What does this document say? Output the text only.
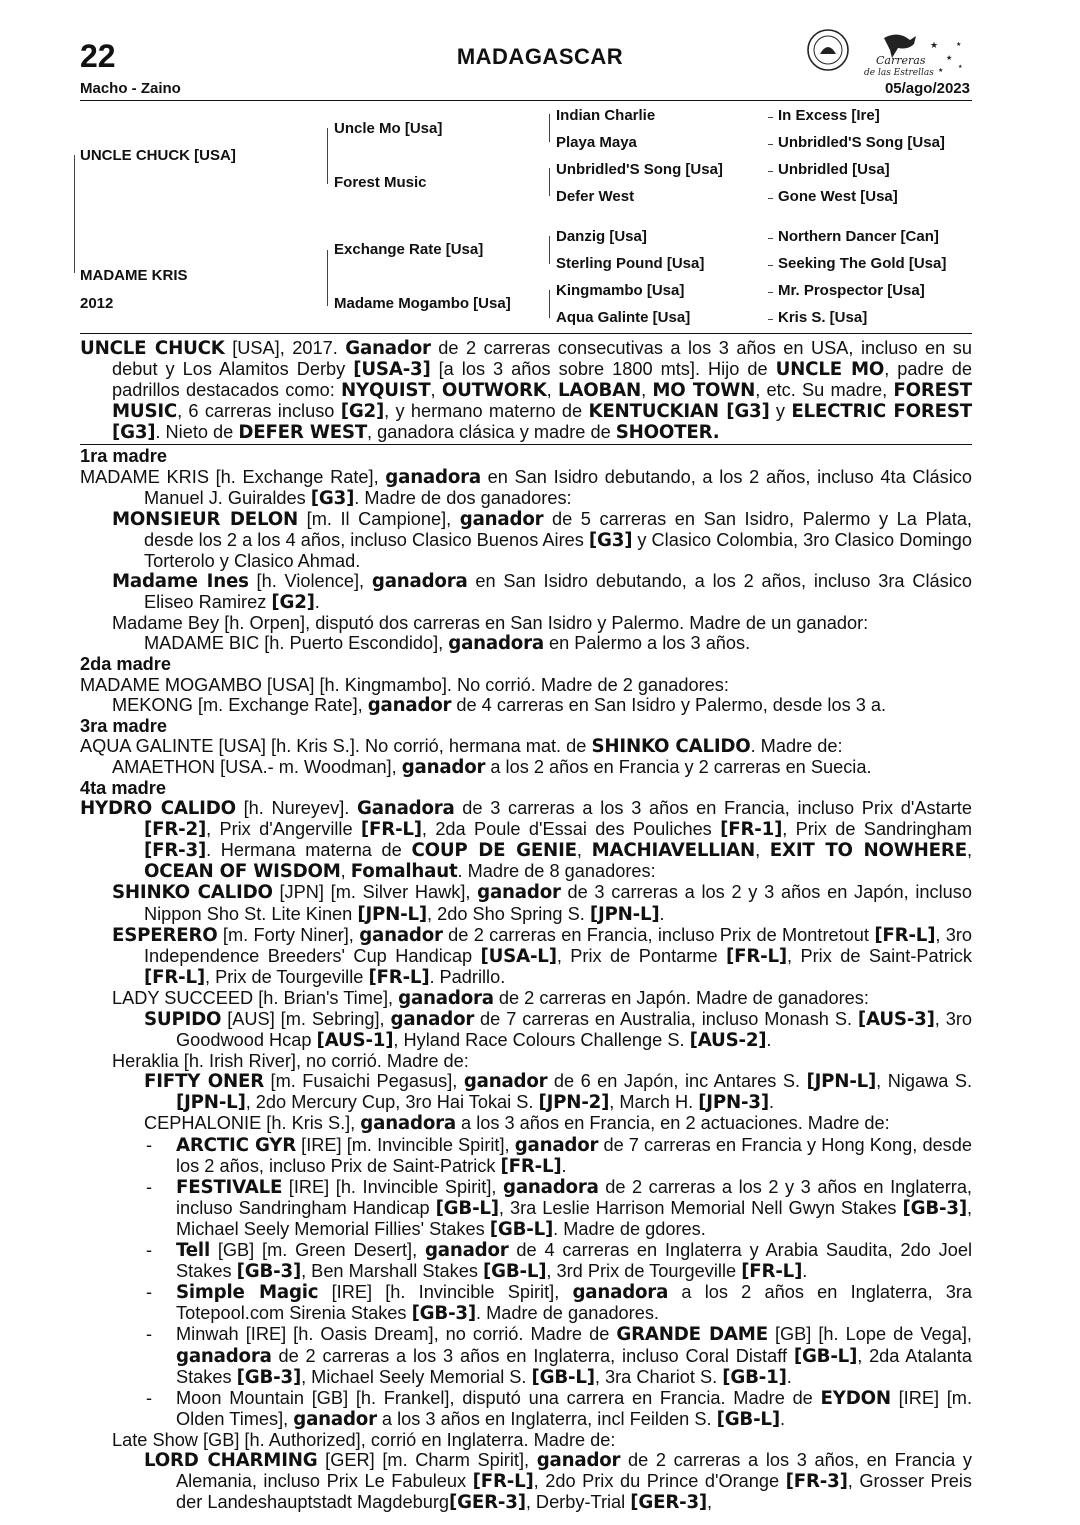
22	MADAGASCAR
Macho - Zaino	05/ago/2023
Carreras
de las Estrellas
★
★
★
★
★
UNCLE CHUCK [USA]
MADAME KRIS
2012
Uncle Mo [Usa]
Forest Music
Exchange Rate [Usa]
Madame Mogambo [Usa]
Indian Charlie
Playa Maya
Unbridled'S Song [Usa]
Defer West
Danzig [Usa]
Sterling Pound [Usa]
Kingmambo [Usa]
Aqua Galinte [Usa]
In Excess [Ire]
Unbridled'S Song [Usa]
Unbridled [Usa]
Gone West [Usa]
Northern Dancer [Can]
Seeking The Gold [Usa]
Mr. Prospector [Usa]
Kris S. [Usa]
UNCLE CHUCK [USA], 2017. Ganador de 2 carreras consecutivas a los 3 años en USA, incluso en su debut y Los Alamitos Derby [USA-3] [a los 3 años sobre 1800 mts]. Hijo de UNCLE MO, padre de padrillos destacados como: NYQUIST, OUTWORK, LAOBAN, MO TOWN, etc. Su madre, FOREST MUSIC, 6 carreras incluso [G2], y hermano materno de KENTUCKIAN [G3] y ELECTRIC FOREST [G3]. Nieto de DEFER WEST, ganadora clásica y madre de SHOOTER.
1ra madre
MADAME KRIS [h. Exchange Rate], ganadora en San Isidro debutando, a los 2 años, incluso 4ta Clásico Manuel J. Guiraldes [G3]. Madre de dos ganadores:
MONSIEUR DELON [m. Il Campione], ganador de 5 carreras en San Isidro, Palermo y La Plata, desde los 2 a los 4 años, incluso Clasico Buenos Aires [G3] y Clasico Colombia, 3ro Clasico Domingo Torterolo y Clasico Ahmad.
Madame Ines [h. Violence], ganadora en San Isidro debutando, a los 2 años, incluso 3ra Clásico Eliseo Ramirez [G2].
Madame Bey [h. Orpen], disputó dos carreras en San Isidro y Palermo. Madre de un ganador:
MADAME BIC [h. Puerto Escondido], ganadora en Palermo a los 3 años.
2da madre
MADAME MOGAMBO [USA] [h. Kingmambo]. No corrió. Madre de 2 ganadores:
MEKONG [m. Exchange Rate], ganador de 4 carreras en San Isidro y Palermo, desde los 3 a.
3ra madre
AQUA GALINTE [USA] [h. Kris S.]. No corrió, hermana mat. de SHINKO CALIDO. Madre de:
AMAETHON [USA.- m. Woodman], ganador a los 2 años en Francia y 2 carreras en Suecia.
4ta madre
HYDRO CALIDO [h. Nureyev]. Ganadora de 3 carreras a los 3 años en Francia, incluso Prix d'Astarte [FR-2], Prix d'Angerville [FR-L], 2da Poule d'Essai des Pouliches [FR-1], Prix de Sandringham [FR-3]. Hermana materna de COUP DE GENIE, MACHIAVELLIAN, EXIT TO NOWHERE, OCEAN OF WISDOM, Fomalhaut. Madre de 8 ganadores:
SHINKO CALIDO [JPN] [m. Silver Hawk], ganador de 3 carreras a los 2 y 3 años en Japón, incluso Nippon Sho St. Lite Kinen [JPN-L], 2do Sho Spring S. [JPN-L].
ESPERERO [m. Forty Niner], ganador de 2 carreras en Francia, incluso Prix de Montretout [FR-L], 3ro Independence Breeders' Cup Handicap [USA-L], Prix de Pontarme [FR-L], Prix de Saint-Patrick [FR-L], Prix de Tourgeville [FR-L]. Padrillo.
LADY SUCCEED [h. Brian's Time], ganadora de 2 carreras en Japón. Madre de ganadores:
SUPIDO [AUS] [m. Sebring], ganador de 7 carreras en Australia, incluso Monash S. [AUS-3], 3ro Goodwood Hcap [AUS-1], Hyland Race Colours Challenge S. [AUS-2].
Heraklia [h. Irish River], no corrió. Madre de:
FIFTY ONER [m. Fusaichi Pegasus], ganador de 6 en Japón, inc Antares S. [JPN-L], Nigawa S. [JPN-L], 2do Mercury Cup, 3ro Hai Tokai S. [JPN-2], March H. [JPN-3].
CEPHALONIE [h. Kris S.], ganadora a los 3 años en Francia, en 2 actuaciones. Madre de:
- ARCTIC GYR [IRE] [m. Invincible Spirit], ganador de 7 carreras en Francia y Hong Kong, desde los 2 años, incluso Prix de Saint-Patrick [FR-L].
- FESTIVALE [IRE] [h. Invincible Spirit], ganadora de 2 carreras a los 2 y 3 años en Inglaterra, incluso Sandringham Handicap [GB-L], 3ra Leslie Harrison Memorial Nell Gwyn Stakes [GB-3], Michael Seely Memorial Fillies' Stakes [GB-L]. Madre de gdores.
- Tell [GB] [m. Green Desert], ganador de 4 carreras en Inglaterra y Arabia Saudita, 2do Joel Stakes [GB-3], Ben Marshall Stakes [GB-L], 3rd Prix de Tourgeville [FR-L].
- Simple Magic [IRE] [h. Invincible Spirit], ganadora a los 2 años en Inglaterra, 3ra Totepool.com Sirenia Stakes [GB-3]. Madre de ganadores.
- Minwah [IRE] [h. Oasis Dream], no corrió. Madre de GRANDE DAME [GB] [h. Lope de Vega], ganadora de 2 carreras a los 3 años en Inglaterra, incluso Coral Distaff [GB-L], 2da Atalanta Stakes [GB-3], Michael Seely Memorial S. [GB-L], 3ra Chariot S. [GB-1].
- Moon Mountain [GB] [h. Frankel], disputó una carrera en Francia. Madre de EYDON [IRE] [m. Olden Times], ganador a los 3 años en Inglaterra, incl Feilden S. [GB-L].
Late Show [GB] [h. Authorized], corrió en Inglaterra. Madre de:
LORD CHARMING [GER] [m. Charm Spirit], ganador de 2 carreras a los 3 años, en Francia y Alemania, incluso Prix Le Fabuleux [FR-L], 2do Prix du Prince d'Orange [FR-3], Grosser Preis der Landeshauptstadt Magdeburg[GER-3], Derby-Trial [GER-3],
